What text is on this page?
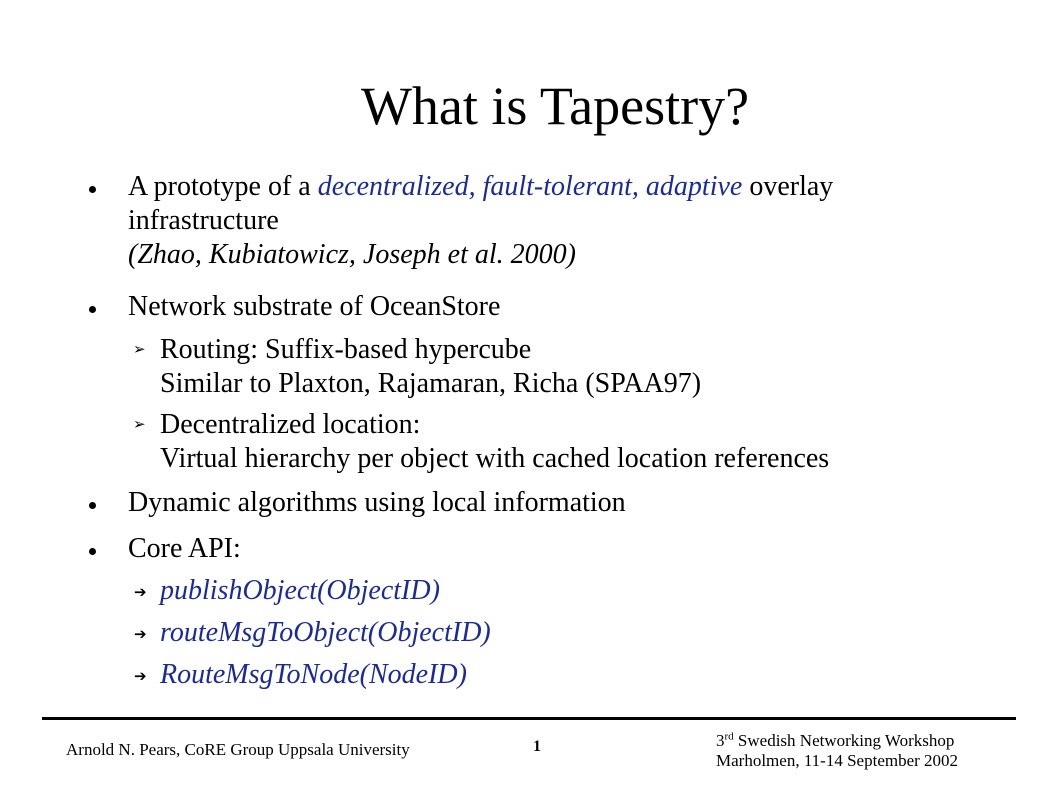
What is Tapestry?
A prototype of a decentralized, fault-tolerant, adaptive overlay
infrastructure
(Zhao, Kubiatowicz, Joseph et al. 2000)
Network substrate of OceanStore
➢ Routing: Suffix-based hypercube
Similar to Plaxton, Rajamaran, Richa (SPAA97)
➢ Decentralized location:
Virtual hierarchy per object with cached location references
Dynamic algorithms using local information
Core API:
➔ publishObject(ObjectID)
➔ routeMsgToObject(ObjectID)
➔ RouteMsgToNode(NodeID)
Arnold N. Pears, CoRE Group Uppsala University	1	3rd Swedish Networking Workshop
Marholmen, 11-14 September 2002
